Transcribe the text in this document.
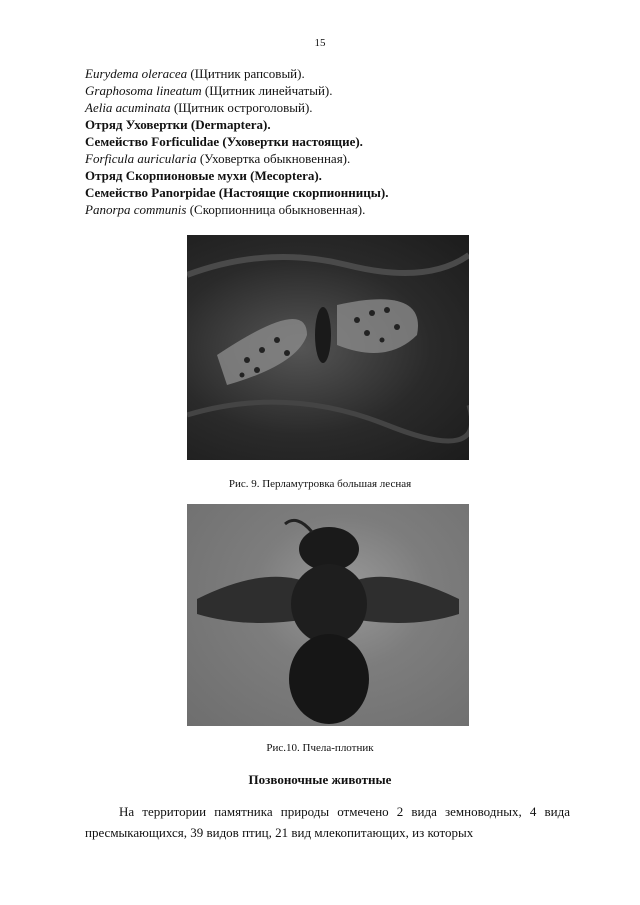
15
Eurydema oleracea (Щитник рапсовый).
Graphosoma lineatum (Щитник линейчатый).
Aelia acuminata (Щитник остроголовый).
Отряд Уховертки (Dermaptera).
Семейство Forficulidae (Уховертки настоящие).
Forficula auricularia (Уховертка обыкновенная).
Отряд Скорпионовые мухи (Mecoptera).
Семейство Panorpidae (Настоящие скорпионницы).
Panorpa communis (Скорпионница обыкновенная).
Рис. 9. Перламутровка большая лесная
Рис.10. Пчела-плотник
Позвоночные животные
На территории памятника природы отмечено 2 вида земноводных, 4 вида пресмыкающихся, 39 видов птиц, 21 вид млекопитающих, из которых
